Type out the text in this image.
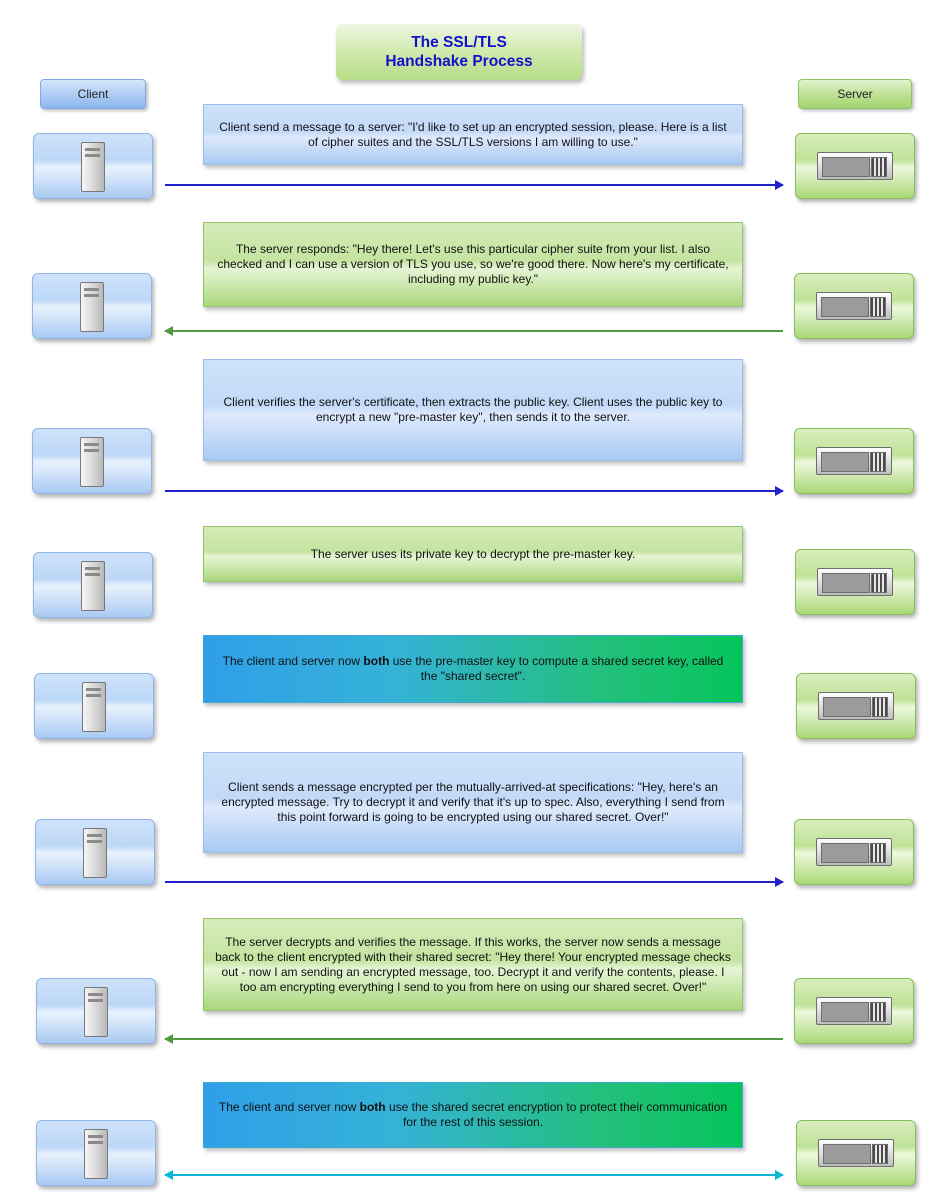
The SSL/TLS
Handshake Process
Client	Server
Client send a message to a server: "I'd like to set up an encrypted session, please. Here is a list of cipher suites and the SSL/TLS versions I am willing to use."
The server responds: "Hey there! Let's use this particular cipher suite from your list. I also checked and I can use a version of TLS you use, so we're good there. Now here's my certificate, including my public key."
Client verifies the server's certificate, then extracts the public key. Client uses the public key to encrypt a new "pre-master key", then sends it to the server.
The server uses its private key to decrypt the pre-master key.
The client and server now both use the pre-master key to compute a shared secret key, called the "shared secret".
Client sends a message encrypted per the mutually-arrived-at specifications: "Hey, here's an encrypted message. Try to decrypt it and verify that it's up to spec. Also, everything I send from this point forward is going to be encrypted using our shared secret. Over!"
The server decrypts and verifies the message. If this works, the server now sends a message back to the client encrypted with their shared secret: "Hey there! Your encrypted message checks out - now I am sending an encrypted message, too. Decrypt it and verify the contents, please. I too am encrypting everything I send to you from here on using our shared secret. Over!"
The client and server now both use the shared secret encryption to protect their communication for the rest of this session.
